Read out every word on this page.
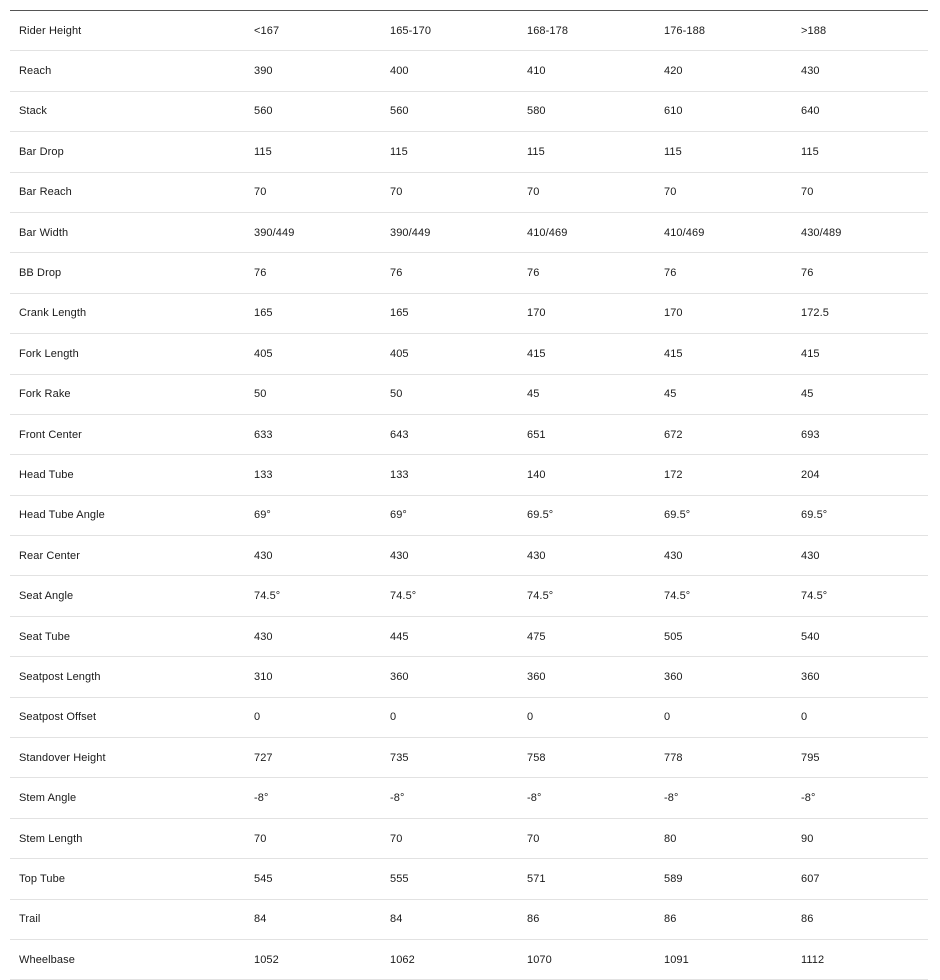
Rider Height	<167	165-170	168-178	176-188	>188
Reach	390	400	410	420	430
Stack	560	560	580	610	640
Bar Drop	115	115	115	115	115
Bar Reach	70	70	70	70	70
Bar Width	390/449	390/449	410/469	410/469	430/489
BB Drop	76	76	76	76	76
Crank Length	165	165	170	170	172.5
Fork Length	405	405	415	415	415
Fork Rake	50	50	45	45	45
Front Center	633	643	651	672	693
Head Tube	133	133	140	172	204
Head Tube Angle	69°	69°	69.5°	69.5°	69.5°
Rear Center	430	430	430	430	430
Seat Angle	74.5°	74.5°	74.5°	74.5°	74.5°
Seat Tube	430	445	475	505	540
Seatpost Length	310	360	360	360	360
Seatpost Offset	0	0	0	0	0
Standover Height	727	735	758	778	795
Stem Angle	-8°	-8°	-8°	-8°	-8°
Stem Length	70	70	70	80	90
Top Tube	545	555	571	589	607
Trail	84	84	86	86	86
Wheelbase	1052	1062	1070	1091	1112
